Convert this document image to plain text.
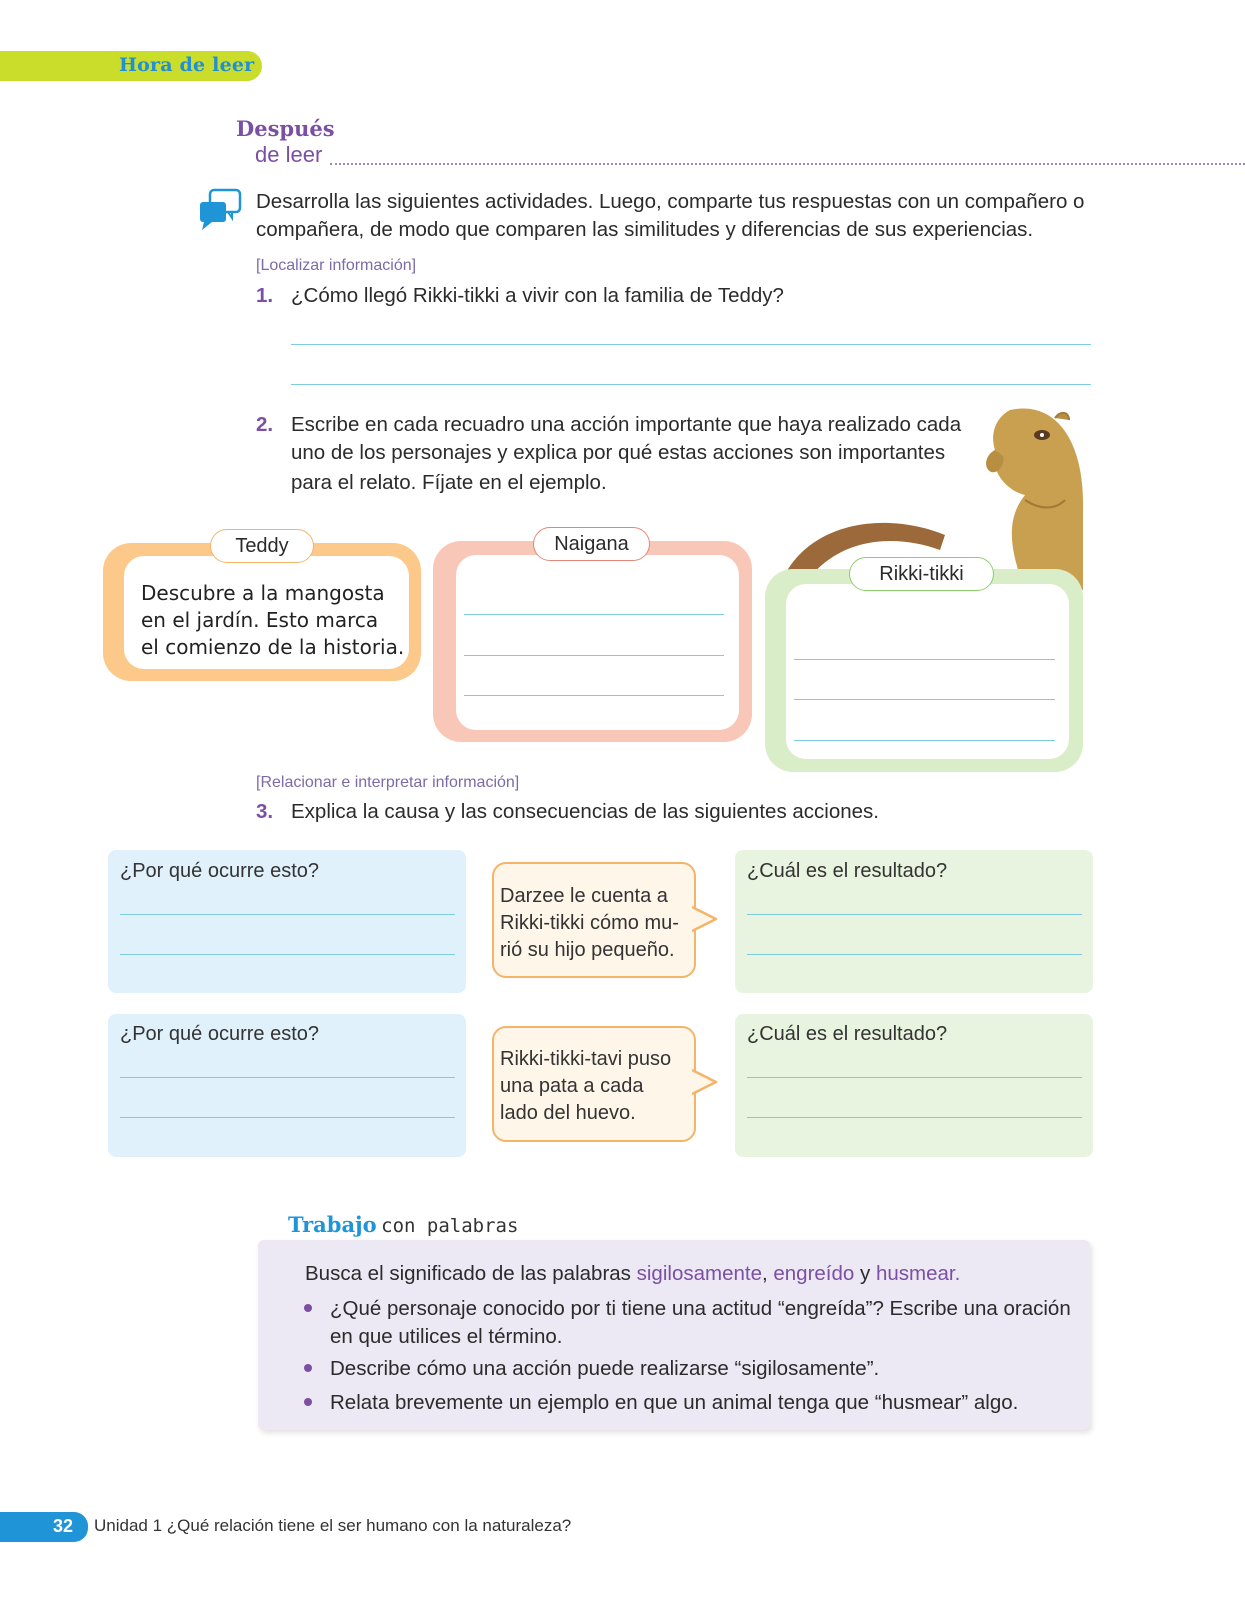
Hora de leer
Después
de leer
Desarrolla las siguientes actividades. Luego, comparte tus respuestas con un compañero o compañera, de modo que comparen las similitudes y diferencias de sus experiencias.
[Localizar información]
1. ¿Cómo llegó Rikki-tikki a vivir con la familia de Teddy?
2. Escribe en cada recuadro una acción importante que haya realizado cada
uno de los personajes y explica por qué estas acciones son importantes
para el relato. Fíjate en el ejemplo.
Teddy
Descubre a la mangosta
en el jardín. Esto marca
el comienzo de la historia.
Naigana
Rikki-tikki
[Relacionar e interpretar información]
3. Explica la causa y las consecuencias de las siguientes acciones.
¿Por qué ocurre esto?
Darzee le cuenta a
Rikki-tikki cómo mu-
rió su hijo pequeño.
¿Cuál es el resultado?
¿Por qué ocurre esto?
Rikki-tikki-tavi puso
una pata a cada
lado del huevo.
¿Cuál es el resultado?
Trabajo con palabras
Busca el significado de las palabras sigilosamente, engreído y husmear.
¿Qué personaje conocido por ti tiene una actitud “engreída”? Escribe una oración
en que utilices el término.
Describe cómo una acción puede realizarse “sigilosamente”.
Relata brevemente un ejemplo en que un animal tenga que “husmear” algo.
32 Unidad 1 ¿Qué relación tiene el ser humano con la naturaleza?
